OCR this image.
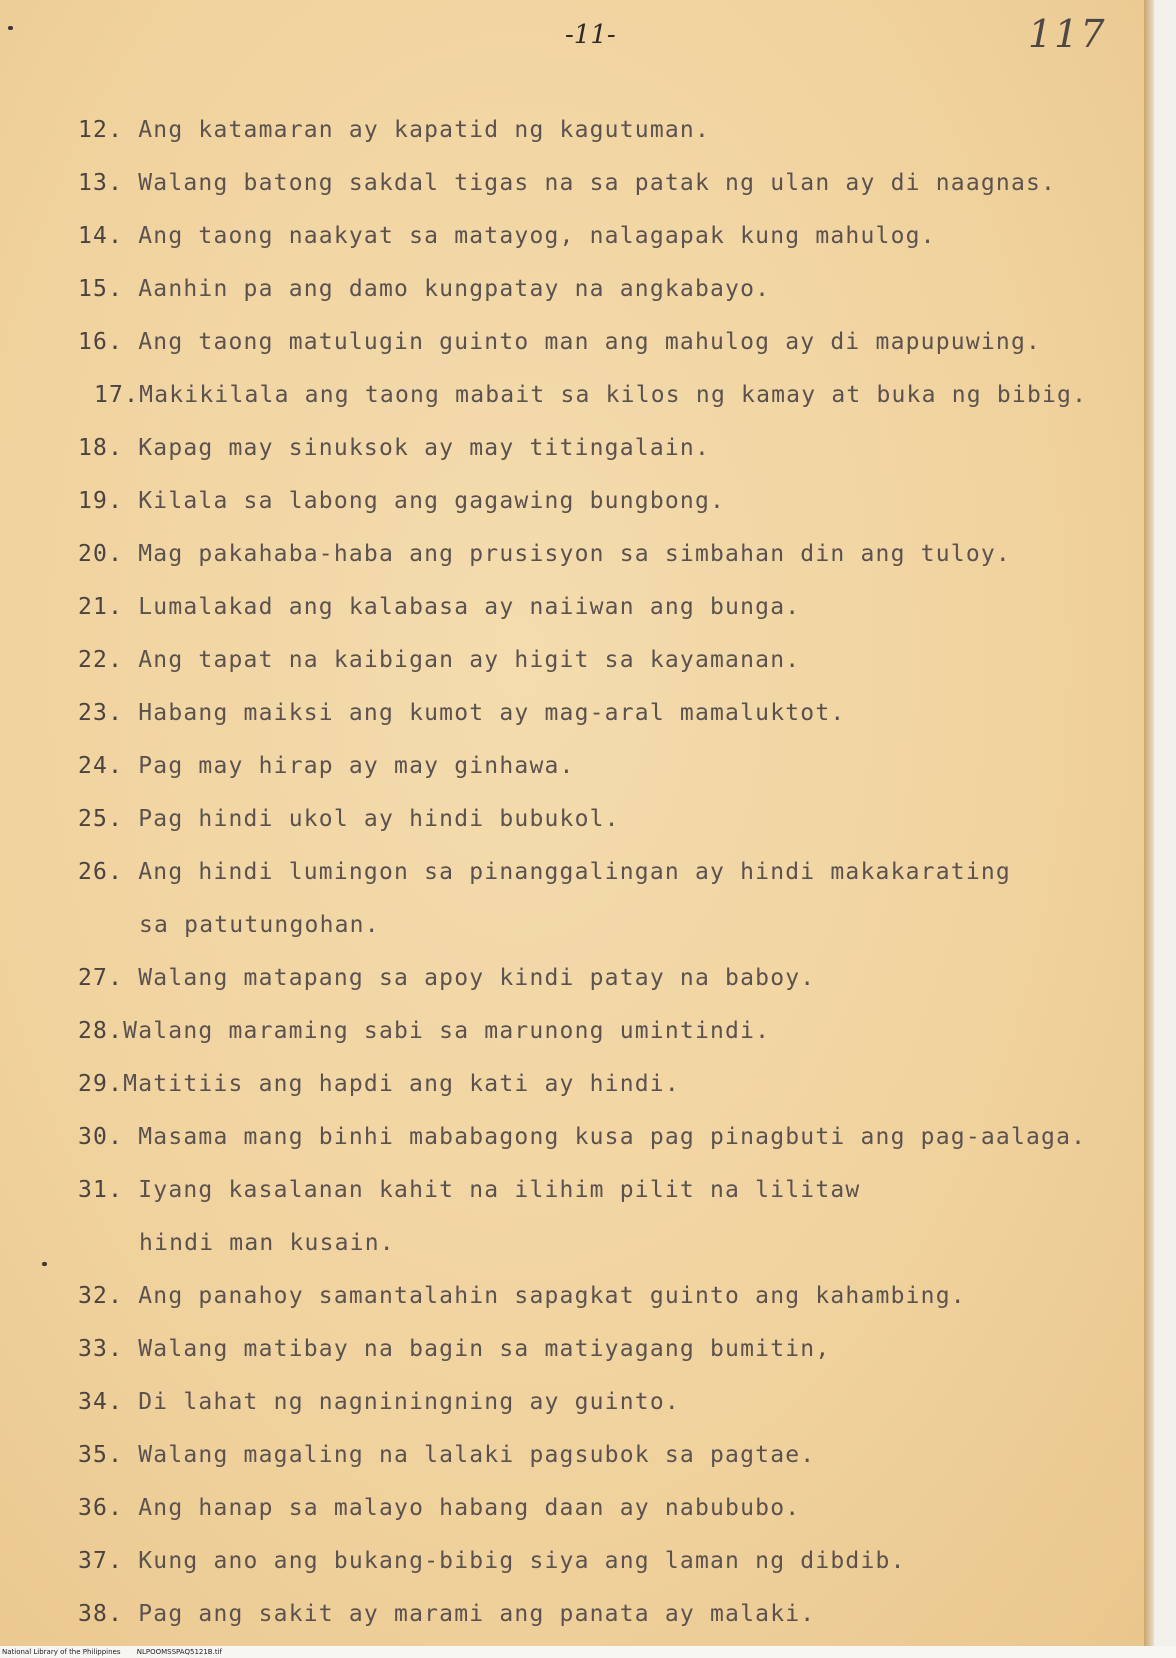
-11-	117
12. Ang katamaran ay kapatid ng kagutuman.
13. Walang batong sakdal tigas na sa patak ng ulan ay di naagnas.
14. Ang taong naakyat sa matayog, nalagapak kung mahulog.
15. Aanhin pa ang damo kungpatay na angkabayo.
16. Ang taong matulugin guinto man ang mahulog ay di mapupuwing.
17.Makikilala ang taong mabait sa kilos ng kamay at buka ng bibig.
18. Kapag may sinuksok ay may titingalain.
19. Kilala sa labong ang gagawing bungbong.
20. Mag pakahaba-haba ang prusisyon sa simbahan din ang tuloy.
21. Lumalakad ang kalabasa ay naiiwan ang bunga.
22. Ang tapat na kaibigan ay higit sa kayamanan.
23. Habang maiksi ang kumot ay mag-aral mamaluktot.
24. Pag may hirap ay may ginhawa.
25. Pag hindi ukol ay hindi bubukol.
26. Ang hindi lumingon sa pinanggalingan ay hindi makakarating
sa patutungohan.
27. Walang matapang sa apoy kindi patay na baboy.
28.Walang maraming sabi sa marunong umintindi.
29.Matitiis ang hapdi ang kati ay hindi.
30. Masama mang binhi mababagong kusa pag pinagbuti ang pag-aalaga.
31. Iyang kasalanan kahit na ilihim pilit na lilitaw
hindi man kusain.
32. Ang panahoy samantalahin sapagkat guinto ang kahambing.
33. Walang matibay na bagin sa matiyagang bumitin,
34. Di lahat ng nagniningning ay guinto.
35. Walang magaling na lalaki pagsubok sa pagtae.
36. Ang hanap sa malayo habang daan ay nabububo.
37. Kung ano ang bukang-bibig siya ang laman ng dibdib.
38. Pag ang sakit ay marami ang panata ay malaki.
National Library of the Philippines NLPOOMSSPAQ5121B.tif
